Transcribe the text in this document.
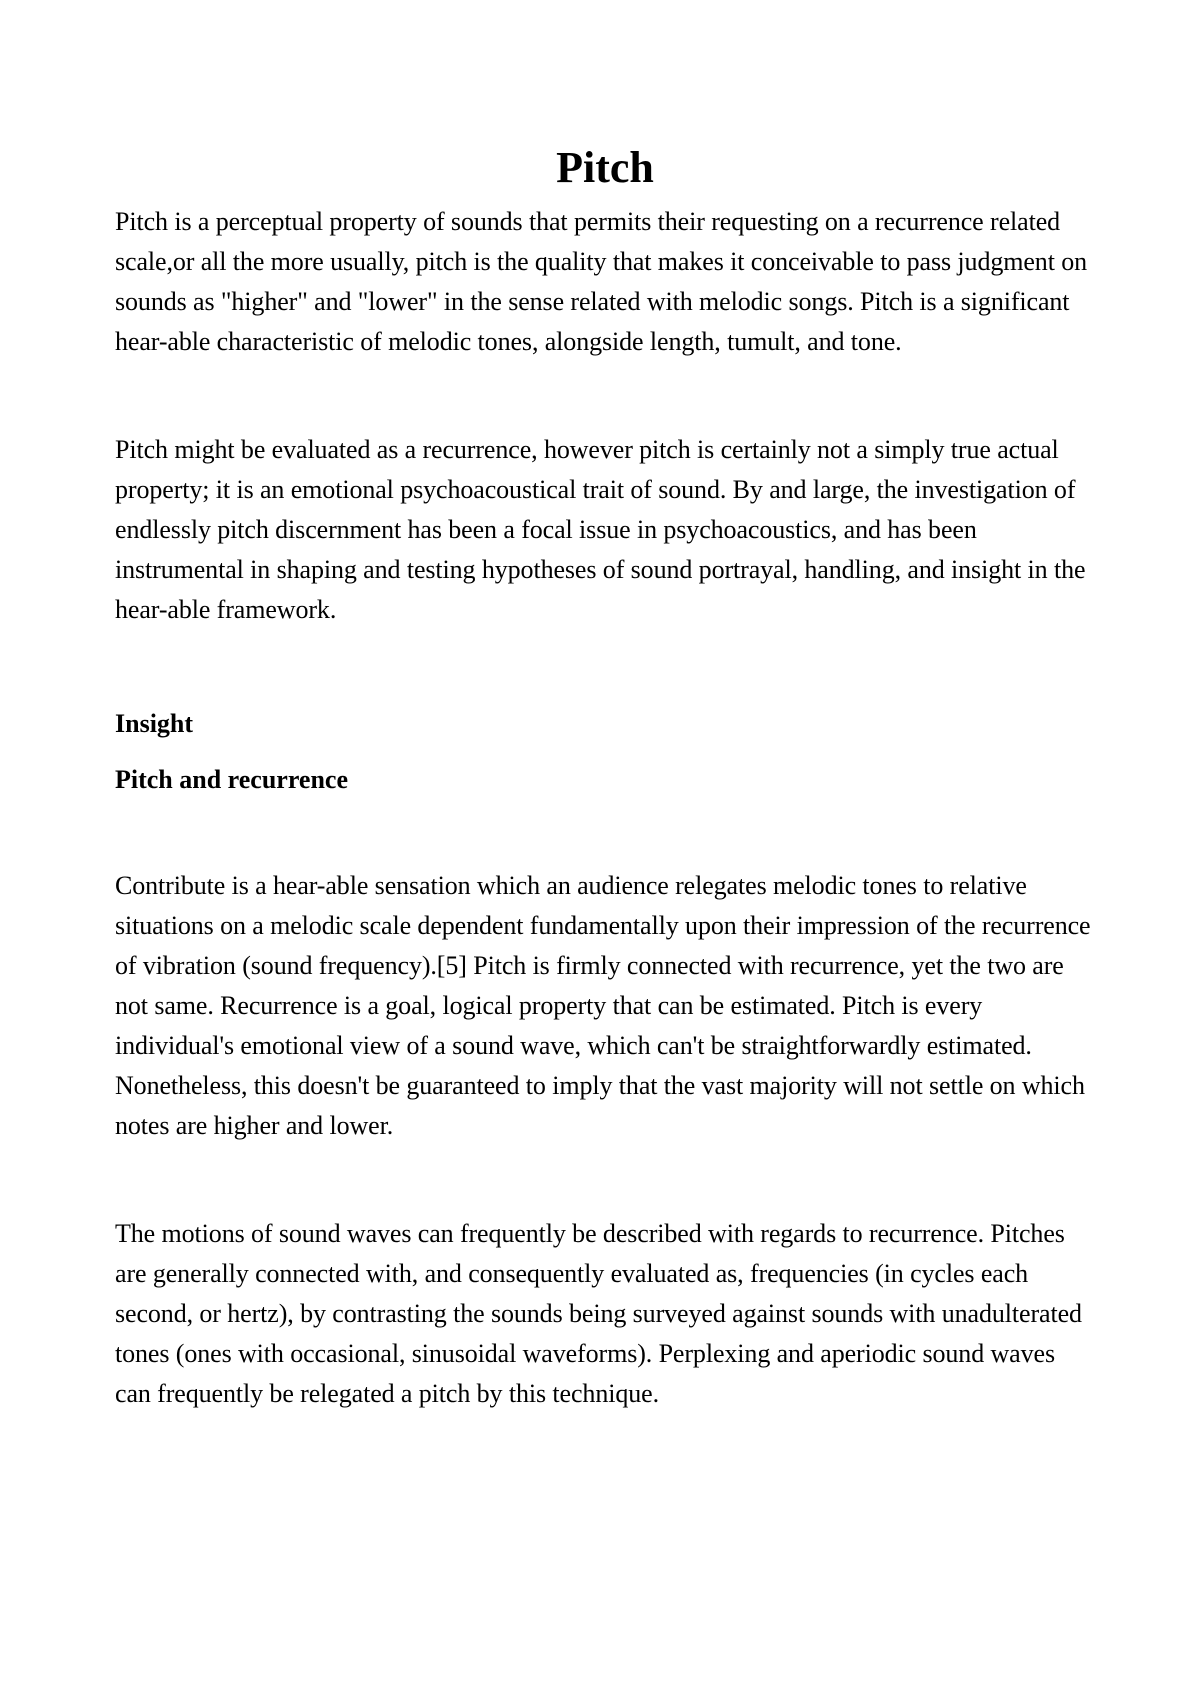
Pitch

Pitch is a perceptual property of sounds that permits their requesting on a recurrence related scale,or all the more usually, pitch is the quality that makes it conceivable to pass judgment on sounds as "higher" and "lower" in the sense related with melodic songs. Pitch is a significant hear-able characteristic of melodic tones, alongside length, tumult, and tone.

Pitch might be evaluated as a recurrence, however pitch is certainly not a simply true actual property; it is an emotional psychoacoustical trait of sound. By and large, the investigation of endlessly pitch discernment has been a focal issue in psychoacoustics, and has been instrumental in shaping and testing hypotheses of sound portrayal, handling, and insight in the hear-able framework.

Insight
Pitch and recurrence

Contribute is a hear-able sensation which an audience relegates melodic tones to relative situations on a melodic scale dependent fundamentally upon their impression of the recurrence of vibration (sound frequency).[5] Pitch is firmly connected with recurrence, yet the two are not same. Recurrence is a goal, logical property that can be estimated. Pitch is every individual's emotional view of a sound wave, which can't be straightforwardly estimated. Nonetheless, this doesn't be guaranteed to imply that the vast majority will not settle on which notes are higher and lower.

The motions of sound waves can frequently be described with regards to recurrence. Pitches are generally connected with, and consequently evaluated as, frequencies (in cycles each second, or hertz), by contrasting the sounds being surveyed against sounds with unadulterated tones (ones with occasional, sinusoidal waveforms). Perplexing and aperiodic sound waves can frequently be relegated a pitch by this technique.
